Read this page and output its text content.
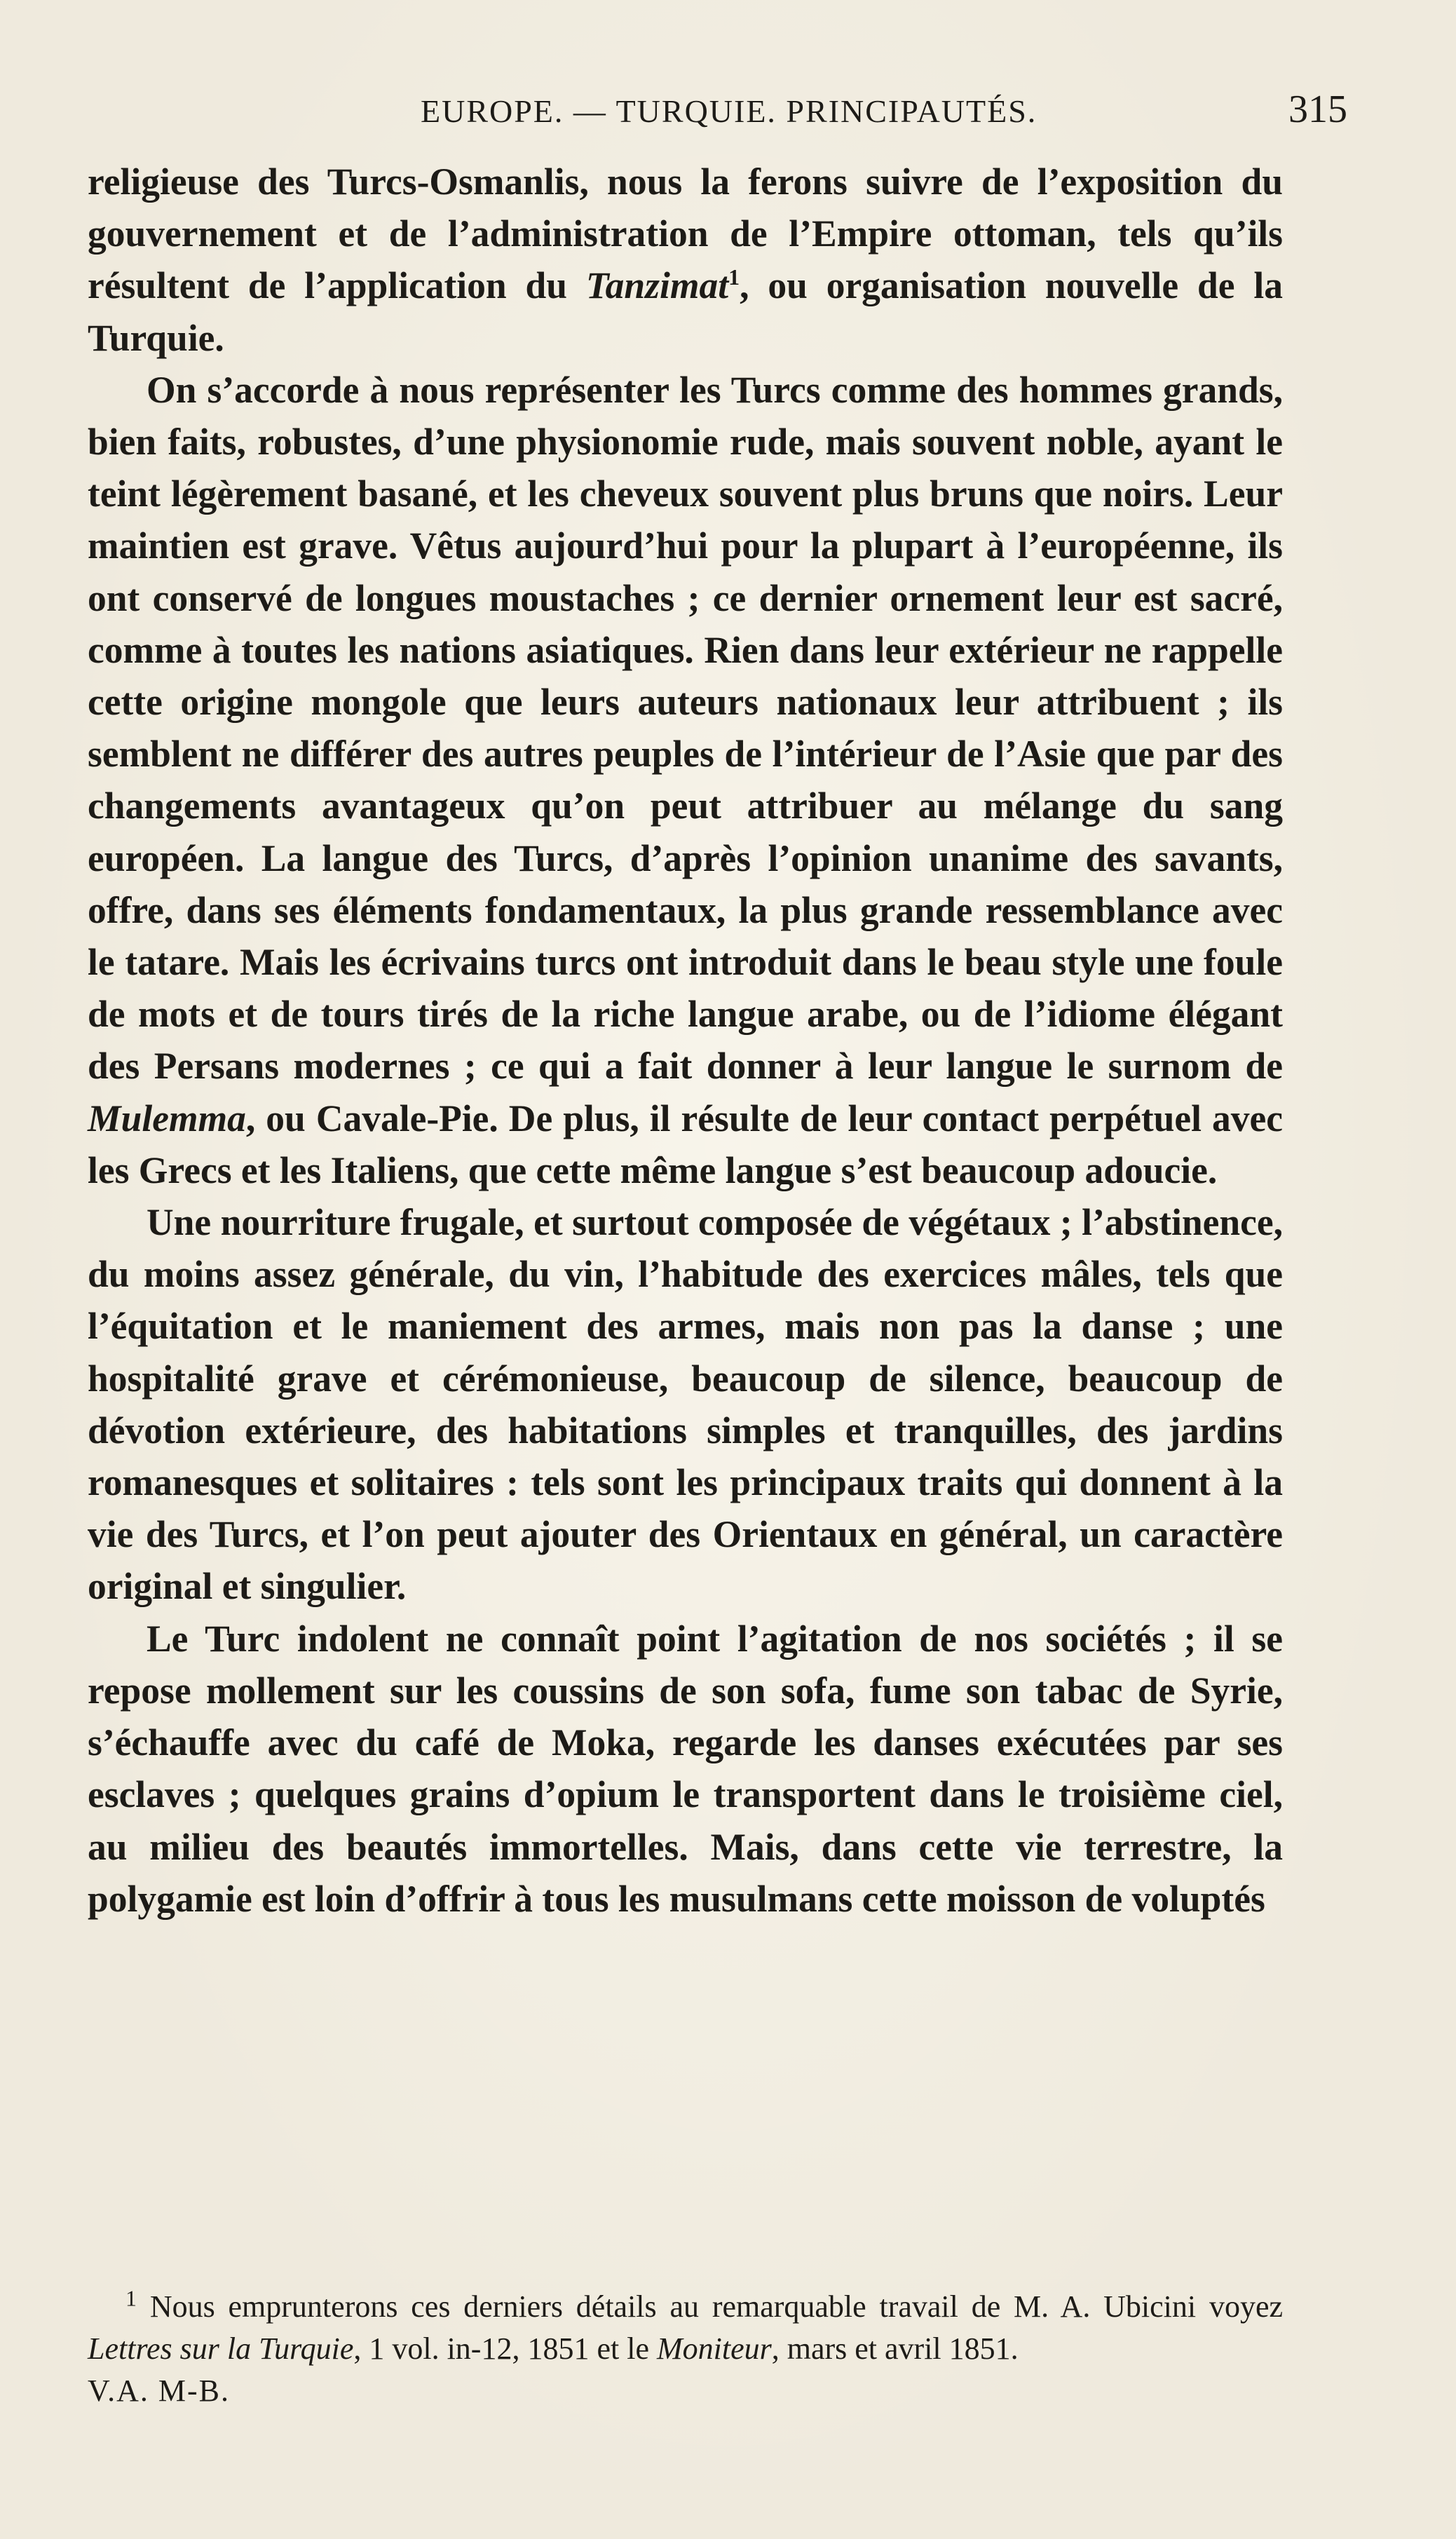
EUROPE. — TURQUIE. PRINCIPAUTÉS.	315

religieuse des Turcs-Osmanlis, nous la ferons suivre de l’exposition du gouvernement et de l’administration de l’Empire ottoman, tels qu’ils résultent de l’application du Tanzimat$^1$, ou organisation nouvelle de la Turquie.

On s’accorde à nous représenter les Turcs comme des hommes grands, bien faits, robustes, d’une physionomie rude, mais souvent noble, ayant le teint légèrement basané, et les cheveux souvent plus bruns que noirs. Leur maintien est grave. Vêtus aujourd’hui pour la plupart à l’européenne, ils ont conservé de longues moustaches ; ce dernier ornement leur est sacré, comme à toutes les nations asiatiques. Rien dans leur extérieur ne rappelle cette origine mongole que leurs auteurs nationaux leur attribuent ; ils semblent ne différer des autres peuples de l’intérieur de l’Asie que par des changements avantageux qu’on peut attribuer au mélange du sang européen. La langue des Turcs, d’après l’opinion unanime des savants, offre, dans ses éléments fondamentaux, la plus grande ressemblance avec le tatare. Mais les écrivains turcs ont introduit dans le beau style une foule de mots et de tours tirés de la riche langue arabe, ou de l’idiome élégant des Persans modernes ; ce qui a fait donner à leur langue le surnom de Mulemma, ou Cavale-Pie. De plus, il résulte de leur contact perpétuel avec les Grecs et les Italiens, que cette même langue s’est beaucoup adoucie.

Une nourriture frugale, et surtout composée de végétaux ; l’abstinence, du moins assez générale, du vin, l’habitude des exercices mâles, tels que l’équitation et le maniement des armes, mais non pas la danse ; une hospitalité grave et cérémonieuse, beaucoup de silence, beaucoup de dévotion extérieure, des habitations simples et tranquilles, des jardins romanesques et solitaires : tels sont les principaux traits qui donnent à la vie des Turcs, et l’on peut ajouter des Orientaux en général, un caractère original et singulier.

Le Turc indolent ne connaît point l’agitation de nos sociétés ; il se repose mollement sur les coussins de son sofa, fume son tabac de Syrie, s’échauffe avec du café de Moka, regarde les danses exécutées par ses esclaves ; quelques grains d’opium le transportent dans le troisième ciel, au milieu des beautés immortelles. Mais, dans cette vie terrestre, la polygamie est loin d’offrir à tous les musulmans cette moisson de voluptés

$^1$ Nous emprunterons ces derniers détails au remarquable travail de M. A. Ubicini voyez Lettres sur la Turquie, 1 vol. in-12, 1851 et le Moniteur, mars et avril 1851.

V.A. M-B.
